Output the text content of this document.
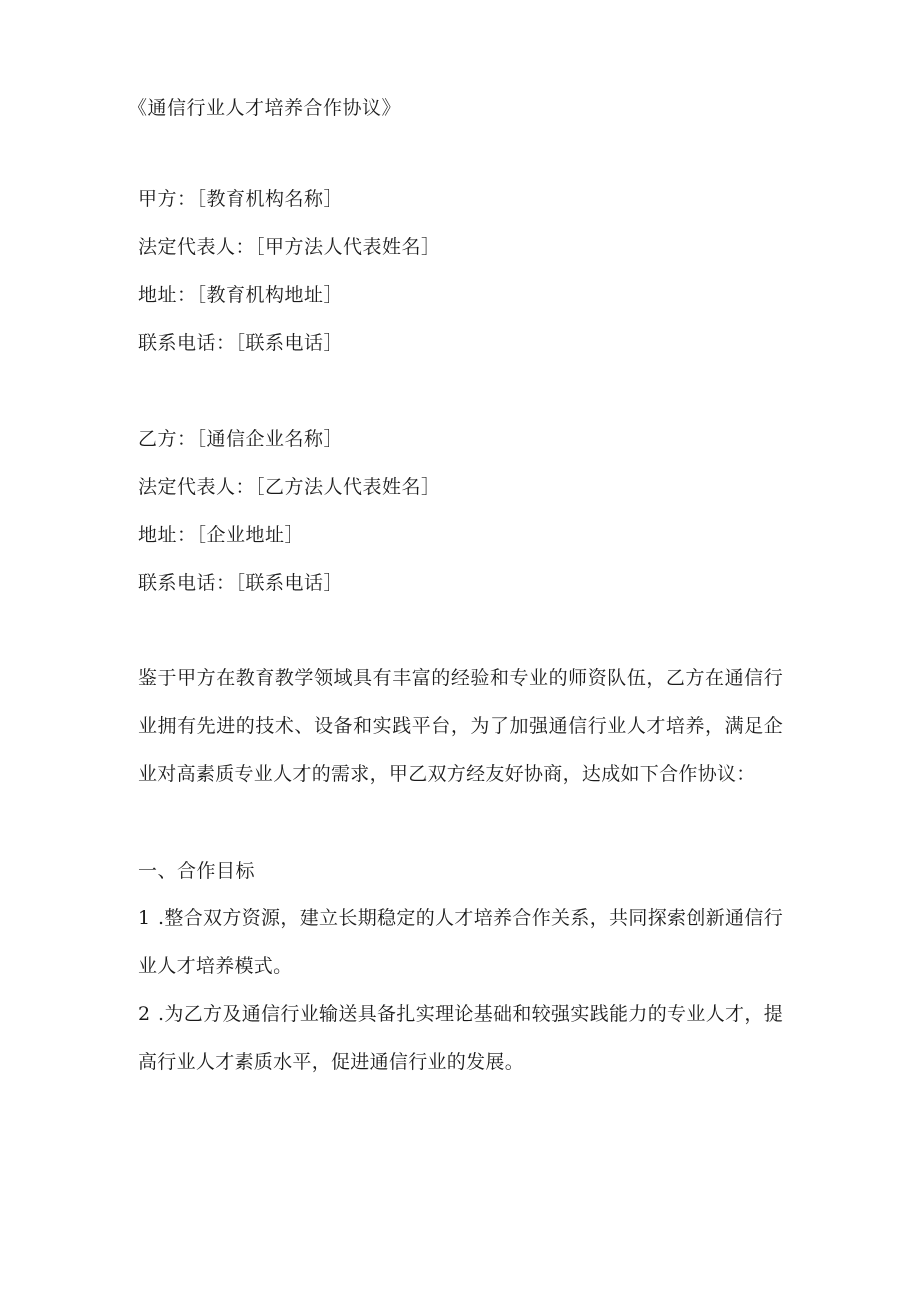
《通信行业人才培养合作协议》
甲方：［教育机构名称］
法定代表人：［甲方法人代表姓名］
地址：［教育机构地址］
联系电话：［联系电话］
乙方：［通信企业名称］
法定代表人：［乙方法人代表姓名］
地址：［企业地址］
联系电话：［联系电话］
鉴于甲方在教育教学领域具有丰富的经验和专业的师资队伍，乙方在通信行业拥有先进的技术、设备和实践平台，为了加强通信行业人才培养，满足企业对高素质专业人才的需求，甲乙双方经友好协商，达成如下合作协议：
一、合作目标
1 .整合双方资源，建立长期稳定的人才培养合作关系，共同探索创新通信行业人才培养模式。
2 .为乙方及通信行业输送具备扎实理论基础和较强实践能力的专业人才，提高行业人才素质水平，促进通信行业的发展。
